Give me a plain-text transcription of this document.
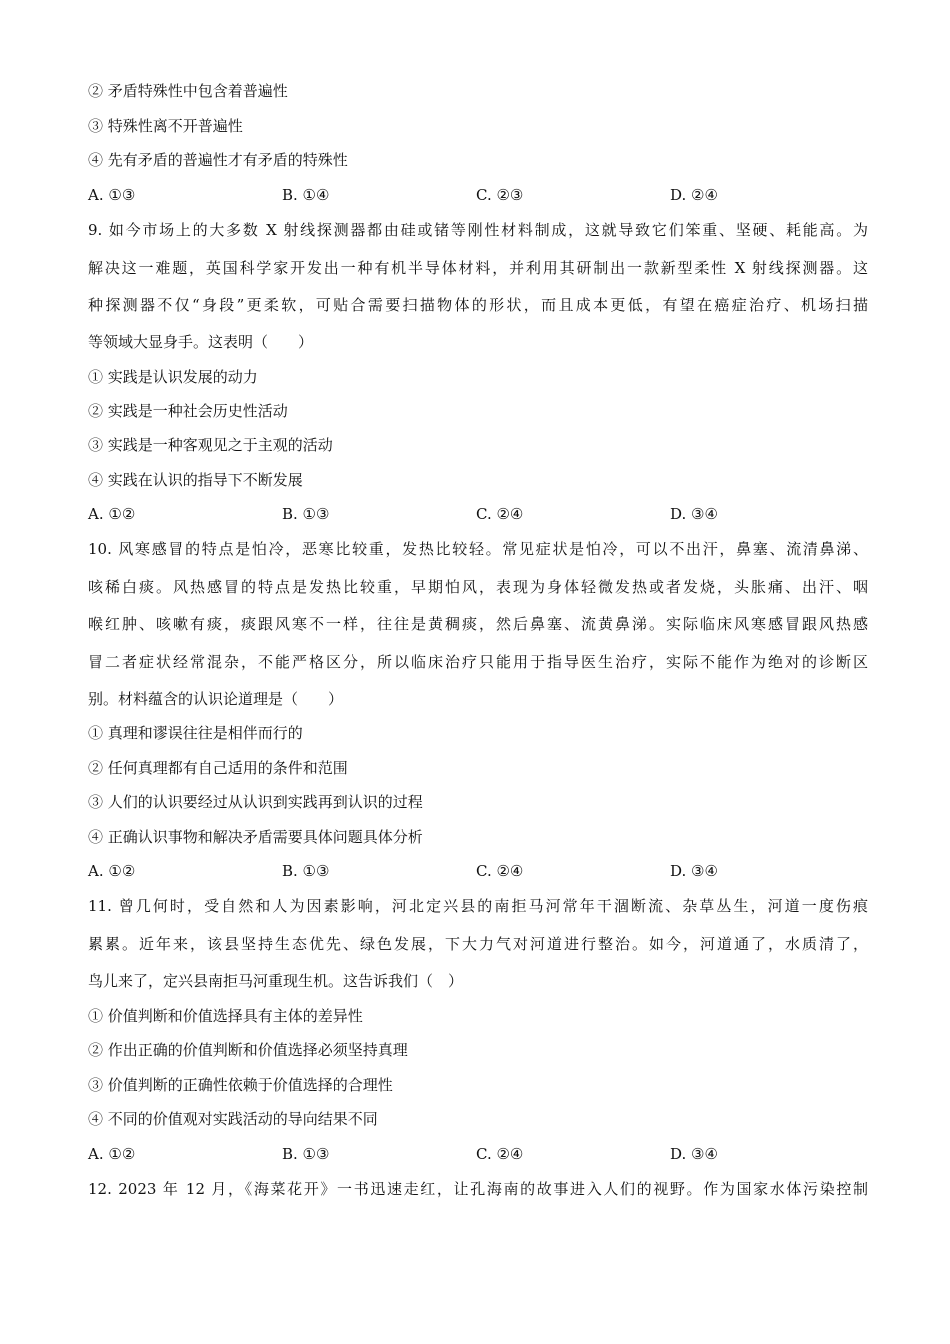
② 矛盾特殊性中包含着普遍性
③ 特殊性离不开普遍性
④ 先有矛盾的普遍性才有矛盾的特殊性
A. ①③	B. ①④	C. ②③	D. ②④
9. 如今市场上的大多数 X 射线探测器都由硅或锗等刚性材料制成，这就导致它们笨重、坚硬、耗能高。为
解决这一难题，英国科学家开发出一种有机半导体材料，并利用其研制出一款新型柔性 X 射线探测器。这
种探测器不仅“身段”更柔软，可贴合需要扫描物体的形状，而且成本更低，有望在癌症治疗、机场扫描
等领域大显身手。这表明（　　）
① 实践是认识发展的动力
② 实践是一种社会历史性活动
③ 实践是一种客观见之于主观的活动
④ 实践在认识的指导下不断发展
A. ①②	B. ①③	C. ②④	D. ③④
10. 风寒感冒的特点是怕冷，恶寒比较重，发热比较轻。常见症状是怕冷，可以不出汗，鼻塞、流清鼻涕、
咳稀白痰。风热感冒的特点是发热比较重，早期怕风，表现为身体轻微发热或者发烧，头胀痛、出汗、咽
喉红肿、咳嗽有痰，痰跟风寒不一样，往往是黄稠痰，然后鼻塞、流黄鼻涕。实际临床风寒感冒跟风热感
冒二者症状经常混杂，不能严格区分，所以临床治疗只能用于指导医生治疗，实际不能作为绝对的诊断区
别。材料蕴含的认识论道理是（　　）
① 真理和谬误往往是相伴而行的
② 任何真理都有自己适用的条件和范围
③ 人们的认识要经过从认识到实践再到认识的过程
④ 正确认识事物和解决矛盾需要具体问题具体分析
A. ①②	B. ①③	C. ②④	D. ③④
11. 曾几何时，受自然和人为因素影响，河北定兴县的南拒马河常年干涸断流、杂草丛生，河道一度伤痕
累累。近年来，该县坚持生态优先、绿色发展，下大力气对河道进行整治。如今，河道通了，水质清了，
鸟儿来了，定兴县南拒马河重现生机。这告诉我们（　）
① 价值判断和价值选择具有主体的差异性
② 作出正确的价值判断和价值选择必须坚持真理
③ 价值判断的正确性依赖于价值选择的合理性
④ 不同的价值观对实践活动的导向结果不同
A. ①②	B. ①③	C. ②④	D. ③④
12. 2023 年 12 月，《海菜花开》一书迅速走红，让孔海南的故事进入人们的视野。作为国家水体污染控制
